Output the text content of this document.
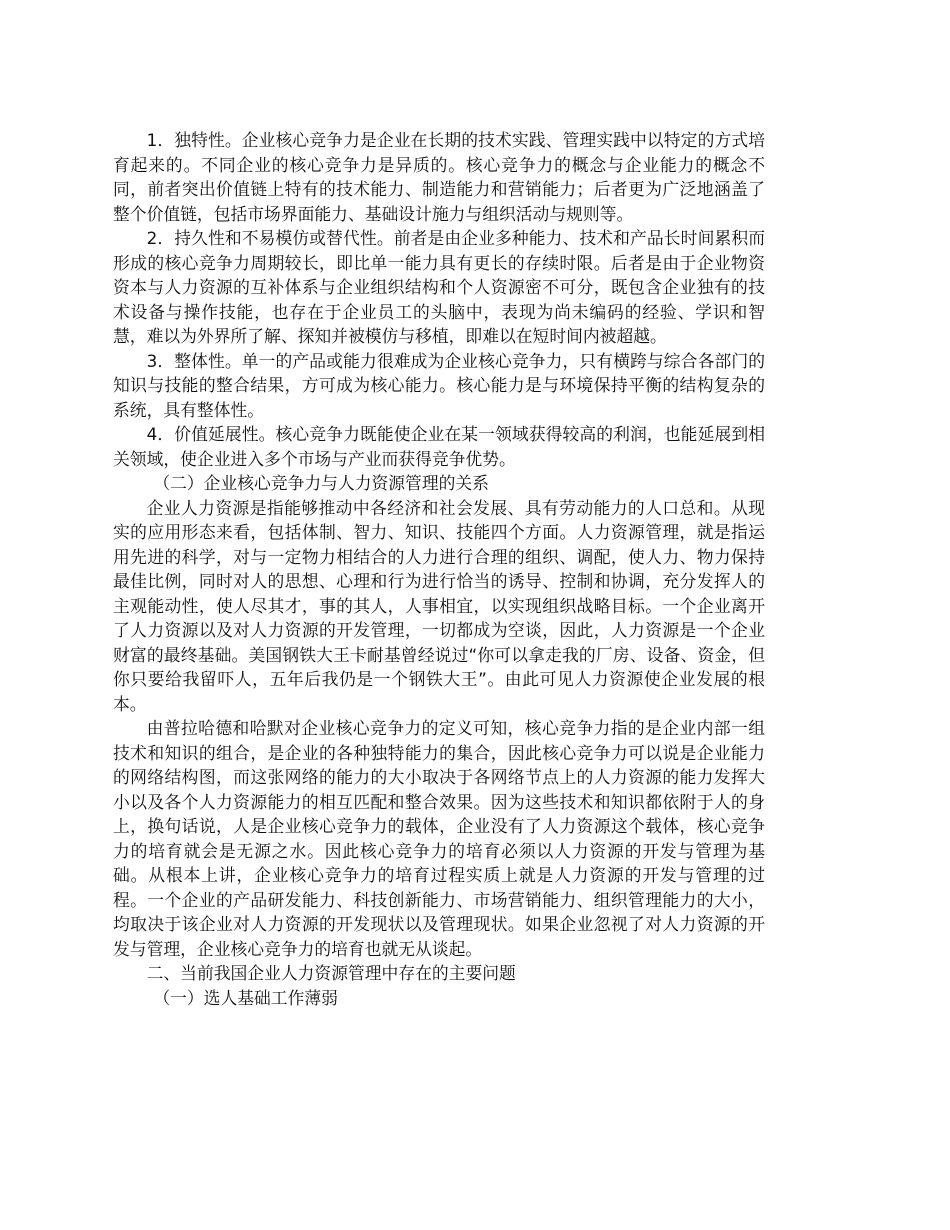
1．独特性。企业核心竞争力是企业在长期的技术实践、管理实践中以特定的方式培育起来的。不同企业的核心竞争力是异质的。核心竞争力的概念与企业能力的概念不同，前者突出价值链上特有的技术能力、制造能力和营销能力；后者更为广泛地涵盖了整个价值链，包括市场界面能力、基础设计施力与组织活动与规则等。

2．持久性和不易模仿或替代性。前者是由企业多种能力、技术和产品长时间累积而形成的核心竞争力周期较长，即比单一能力具有更长的存续时限。后者是由于企业物资资本与人力资源的互补体系与企业组织结构和个人资源密不可分，既包含企业独有的技术设备与操作技能，也存在于企业员工的头脑中，表现为尚未编码的经验、学识和智慧，难以为外界所了解、探知并被模仿与移植，即难以在短时间内被超越。

3．整体性。单一的产品或能力很难成为企业核心竞争力，只有横跨与综合各部门的知识与技能的整合结果，方可成为核心能力。核心能力是与环境保持平衡的结构复杂的系统，具有整体性。

4．价值延展性。核心竞争力既能使企业在某一领域获得较高的利润，也能延展到相关领域，使企业进入多个市场与产业而获得竞争优势。

（二）企业核心竞争力与人力资源管理的关系

企业人力资源是指能够推动中各经济和社会发展、具有劳动能力的人口总和。从现实的应用形态来看，包括体制、智力、知识、技能四个方面。人力资源管理，就是指运用先进的科学，对与一定物力相结合的人力进行合理的组织、调配，使人力、物力保持最佳比例，同时对人的思想、心理和行为进行恰当的诱导、控制和协调，充分发挥人的主观能动性，使人尽其才，事的其人，人事相宜，以实现组织战略目标。一个企业离开了人力资源以及对人力资源的开发管理，一切都成为空谈，因此，人力资源是一个企业财富的最终基础。美国钢铁大王卡耐基曾经说过“你可以拿走我的厂房、设备、资金，但你只要给我留吓人，五年后我仍是一个钢铁大王”。由此可见人力资源使企业发展的根本。

由普拉哈德和哈默对企业核心竞争力的定义可知，核心竞争力指的是企业内部一组技术和知识的组合，是企业的各种独特能力的集合，因此核心竞争力可以说是企业能力的网络结构图，而这张网络的能力的大小取决于各网络节点上的人力资源的能力发挥大小以及各个人力资源能力的相互匹配和整合效果。因为这些技术和知识都依附于人的身上，换句话说，人是企业核心竞争力的载体，企业没有了人力资源这个载体，核心竞争力的培育就会是无源之水。因此核心竞争力的培育必须以人力资源的开发与管理为基础。从根本上讲，企业核心竞争力的培育过程实质上就是人力资源的开发与管理的过程。一个企业的产品研发能力、科技创新能力、市场营销能力、组织管理能力的大小，均取决于该企业对人力资源的开发现状以及管理现状。如果企业忽视了对人力资源的开发与管理，企业核心竞争力的培育也就无从谈起。

二、当前我国企业人力资源管理中存在的主要问题

（一）选人基础工作薄弱
